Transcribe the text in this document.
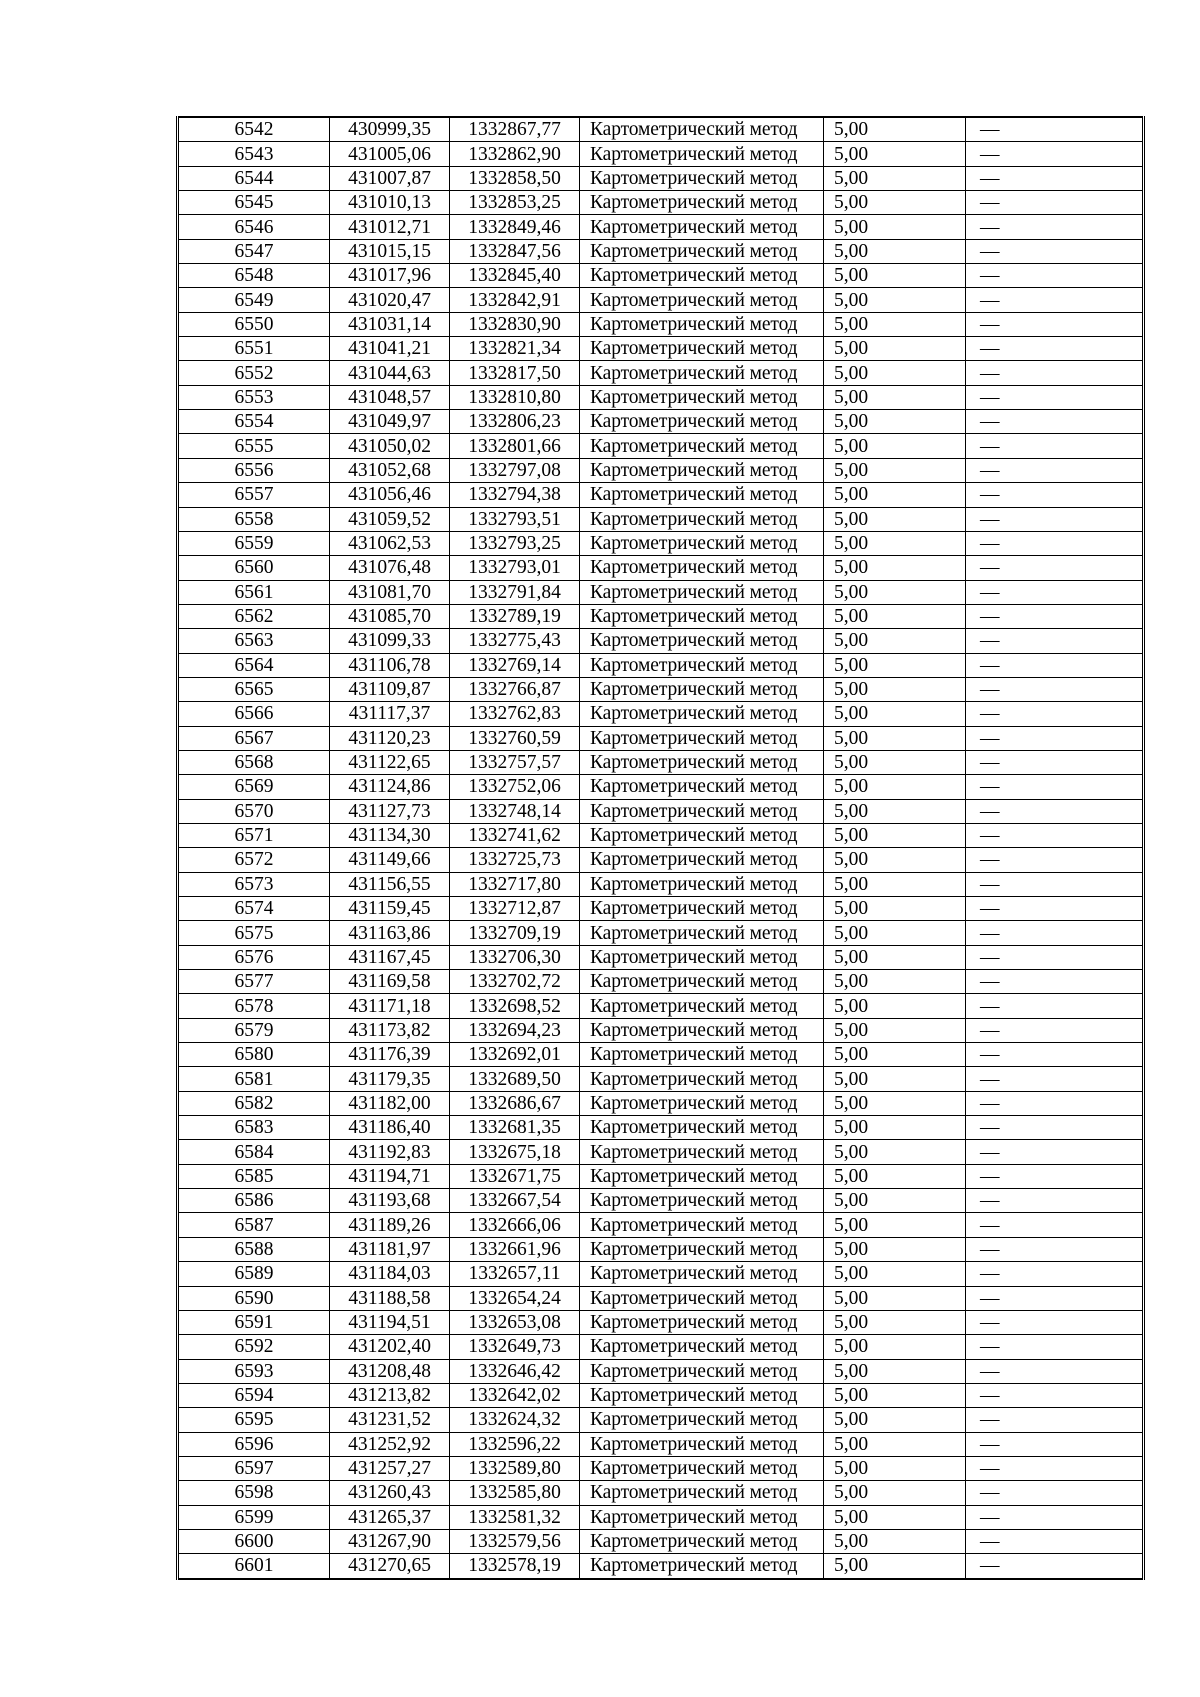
6542	430999,35	1332867,77	Картометрический метод	5,00	—
6543	431005,06	1332862,90	Картометрический метод	5,00	—
6544	431007,87	1332858,50	Картометрический метод	5,00	—
6545	431010,13	1332853,25	Картометрический метод	5,00	—
6546	431012,71	1332849,46	Картометрический метод	5,00	—
6547	431015,15	1332847,56	Картометрический метод	5,00	—
6548	431017,96	1332845,40	Картометрический метод	5,00	—
6549	431020,47	1332842,91	Картометрический метод	5,00	—
6550	431031,14	1332830,90	Картометрический метод	5,00	—
6551	431041,21	1332821,34	Картометрический метод	5,00	—
6552	431044,63	1332817,50	Картометрический метод	5,00	—
6553	431048,57	1332810,80	Картометрический метод	5,00	—
6554	431049,97	1332806,23	Картометрический метод	5,00	—
6555	431050,02	1332801,66	Картометрический метод	5,00	—
6556	431052,68	1332797,08	Картометрический метод	5,00	—
6557	431056,46	1332794,38	Картометрический метод	5,00	—
6558	431059,52	1332793,51	Картометрический метод	5,00	—
6559	431062,53	1332793,25	Картометрический метод	5,00	—
6560	431076,48	1332793,01	Картометрический метод	5,00	—
6561	431081,70	1332791,84	Картометрический метод	5,00	—
6562	431085,70	1332789,19	Картометрический метод	5,00	—
6563	431099,33	1332775,43	Картометрический метод	5,00	—
6564	431106,78	1332769,14	Картометрический метод	5,00	—
6565	431109,87	1332766,87	Картометрический метод	5,00	—
6566	431117,37	1332762,83	Картометрический метод	5,00	—
6567	431120,23	1332760,59	Картометрический метод	5,00	—
6568	431122,65	1332757,57	Картометрический метод	5,00	—
6569	431124,86	1332752,06	Картометрический метод	5,00	—
6570	431127,73	1332748,14	Картометрический метод	5,00	—
6571	431134,30	1332741,62	Картометрический метод	5,00	—
6572	431149,66	1332725,73	Картометрический метод	5,00	—
6573	431156,55	1332717,80	Картометрический метод	5,00	—
6574	431159,45	1332712,87	Картометрический метод	5,00	—
6575	431163,86	1332709,19	Картометрический метод	5,00	—
6576	431167,45	1332706,30	Картометрический метод	5,00	—
6577	431169,58	1332702,72	Картометрический метод	5,00	—
6578	431171,18	1332698,52	Картометрический метод	5,00	—
6579	431173,82	1332694,23	Картометрический метод	5,00	—
6580	431176,39	1332692,01	Картометрический метод	5,00	—
6581	431179,35	1332689,50	Картометрический метод	5,00	—
6582	431182,00	1332686,67	Картометрический метод	5,00	—
6583	431186,40	1332681,35	Картометрический метод	5,00	—
6584	431192,83	1332675,18	Картометрический метод	5,00	—
6585	431194,71	1332671,75	Картометрический метод	5,00	—
6586	431193,68	1332667,54	Картометрический метод	5,00	—
6587	431189,26	1332666,06	Картометрический метод	5,00	—
6588	431181,97	1332661,96	Картометрический метод	5,00	—
6589	431184,03	1332657,11	Картометрический метод	5,00	—
6590	431188,58	1332654,24	Картометрический метод	5,00	—
6591	431194,51	1332653,08	Картометрический метод	5,00	—
6592	431202,40	1332649,73	Картометрический метод	5,00	—
6593	431208,48	1332646,42	Картометрический метод	5,00	—
6594	431213,82	1332642,02	Картометрический метод	5,00	—
6595	431231,52	1332624,32	Картометрический метод	5,00	—
6596	431252,92	1332596,22	Картометрический метод	5,00	—
6597	431257,27	1332589,80	Картометрический метод	5,00	—
6598	431260,43	1332585,80	Картометрический метод	5,00	—
6599	431265,37	1332581,32	Картометрический метод	5,00	—
6600	431267,90	1332579,56	Картометрический метод	5,00	—
6601	431270,65	1332578,19	Картометрический метод	5,00	—
